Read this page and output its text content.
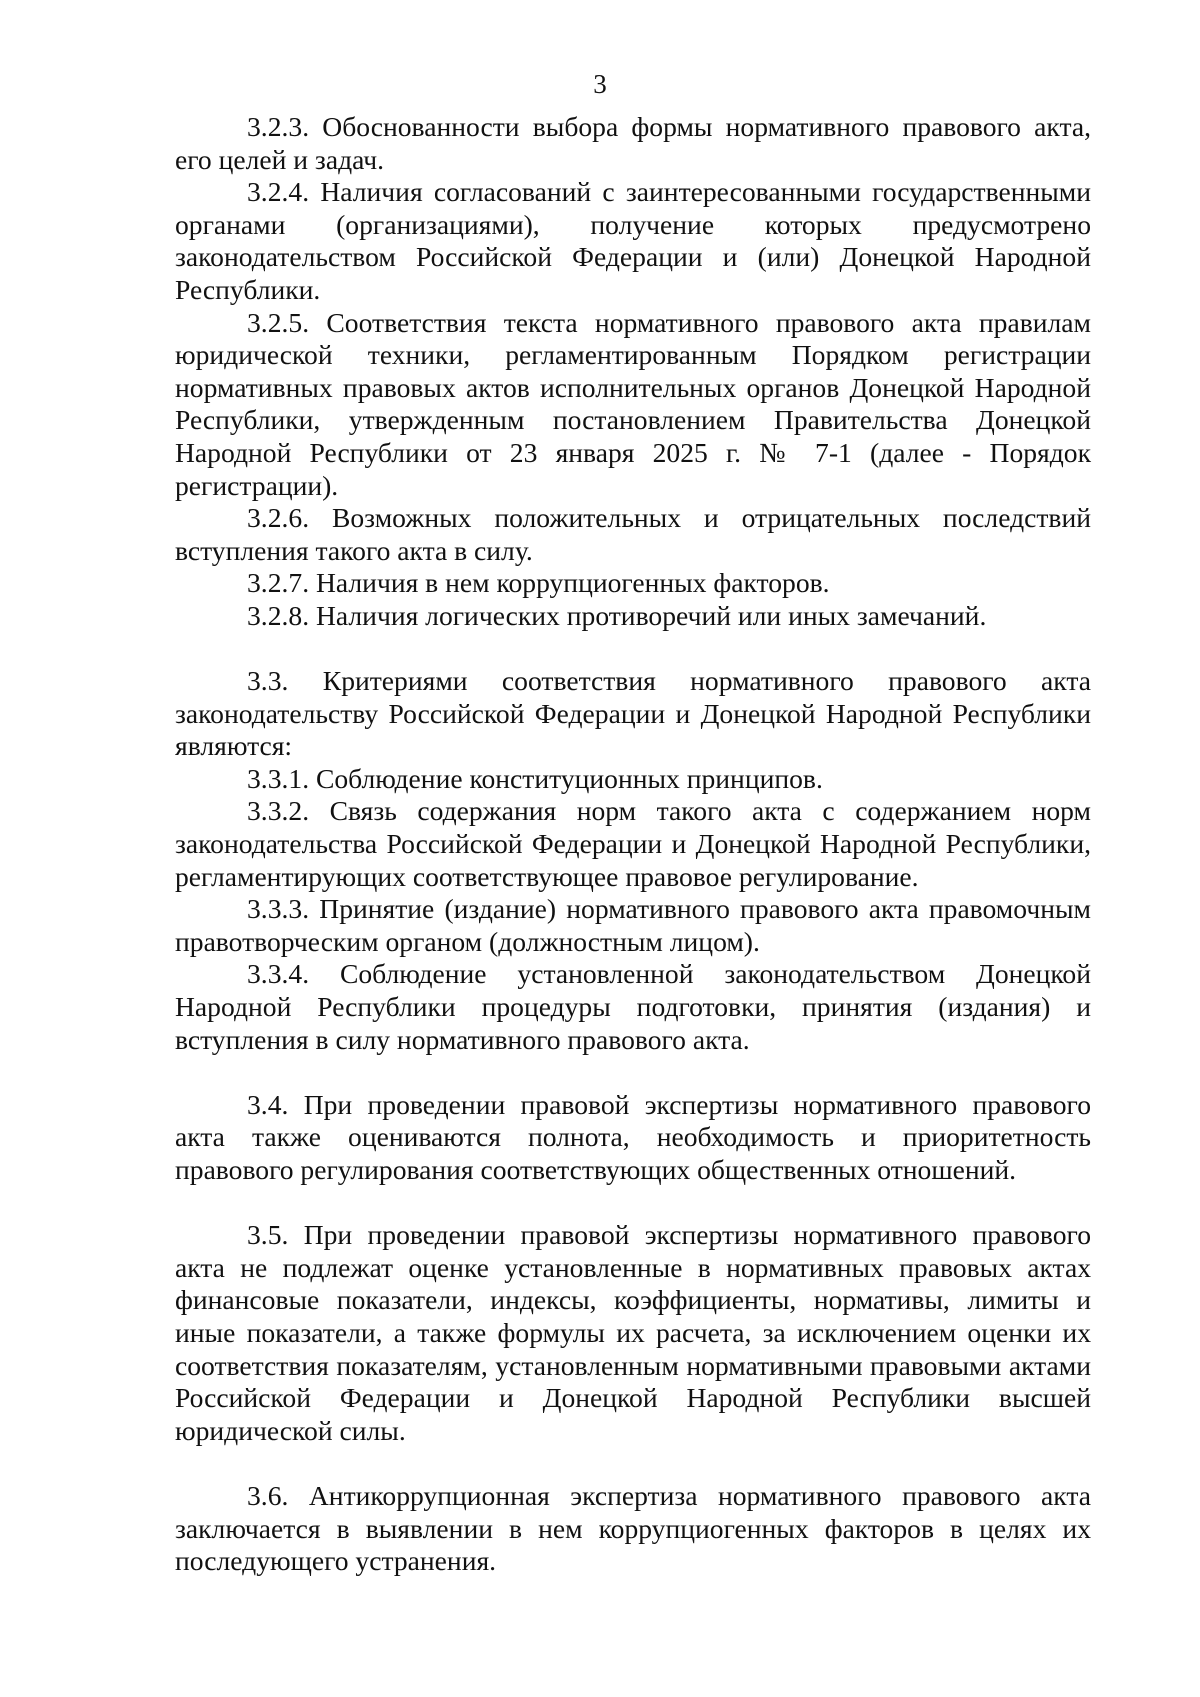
3

3.2.3. Обоснованности выбора формы нормативного правового акта, его целей и задач.

3.2.4. Наличия согласований с заинтересованными государственными органами (организациями), получение которых предусмотрено законодательством Российской Федерации и (или) Донецкой Народной Республики.

3.2.5. Соответствия текста нормативного правового акта правилам юридической техники, регламентированным Порядком регистрации нормативных правовых актов исполнительных органов Донецкой Народной Республики, утвержденным постановлением Правительства Донецкой Народной Республики от 23 января 2025 г. № 7-1 (далее - Порядок регистрации).

3.2.6. Возможных положительных и отрицательных последствий вступления такого акта в силу.

3.2.7. Наличия в нем коррупциогенных факторов.

3.2.8. Наличия логических противоречий или иных замечаний.

3.3. Критериями соответствия нормативного правового акта законодательству Российской Федерации и Донецкой Народной Республики являются:

3.3.1. Соблюдение конституционных принципов.

3.3.2. Связь содержания норм такого акта с содержанием норм законодательства Российской Федерации и Донецкой Народной Республики, регламентирующих соответствующее правовое регулирование.

3.3.3. Принятие (издание) нормативного правового акта правомочным правотворческим органом (должностным лицом).

3.3.4. Соблюдение установленной законодательством Донецкой Народной Республики процедуры подготовки, принятия (издания) и вступления в силу нормативного правового акта.

3.4. При проведении правовой экспертизы нормативного правового акта также оцениваются полнота, необходимость и приоритетность правового регулирования соответствующих общественных отношений.

3.5. При проведении правовой экспертизы нормативного правового акта не подлежат оценке установленные в нормативных правовых актах финансовые показатели, индексы, коэффициенты, нормативы, лимиты и иные показатели, а также формулы их расчета, за исключением оценки их соответствия показателям, установленным нормативными правовыми актами Российской Федерации и Донецкой Народной Республики высшей юридической силы.

3.6. Антикоррупционная экспертиза нормативного правового акта заключается в выявлении в нем коррупциогенных факторов в целях их последующего устранения.
